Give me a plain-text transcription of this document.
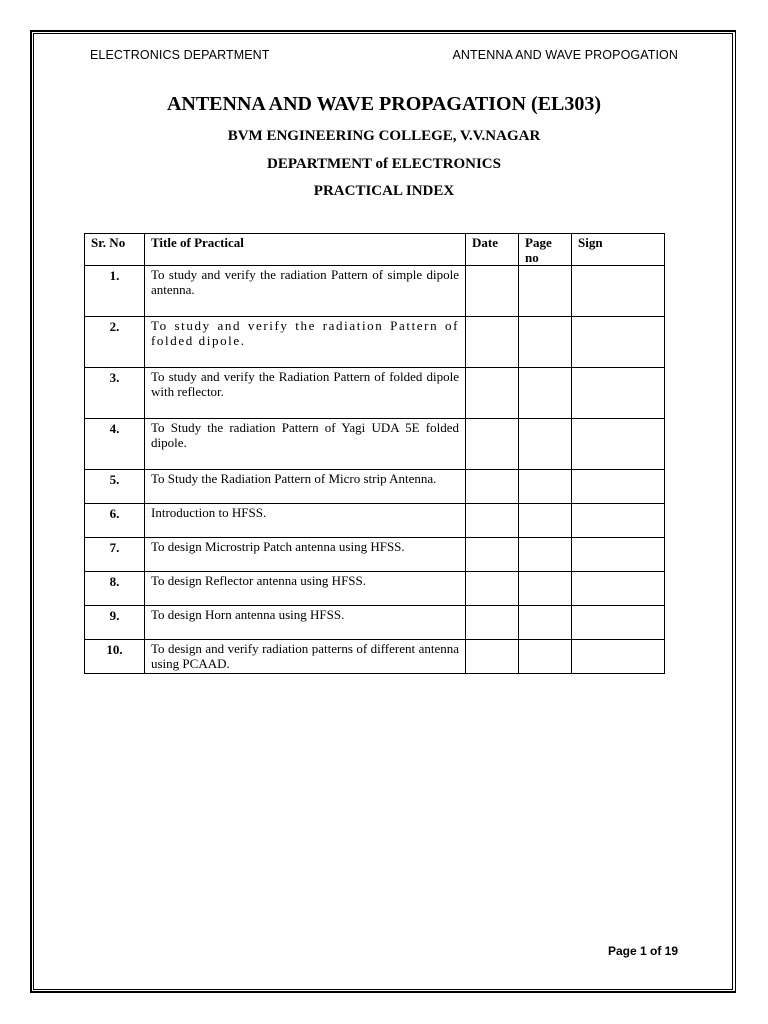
ELECTRONICS DEPARTMENT	ANTENNA AND WAVE PROPOGATION
ANTENNA AND WAVE PROPAGATION (EL303)
BVM ENGINEERING COLLEGE, V.V.NAGAR
DEPARTMENT of ELECTRONICS
PRACTICAL INDEX
Sr. No	Title of Practical	Date	Page no	Sign
1.	To study and verify the radiation Pattern of simple dipole antenna.			
2.	To study and verify the radiation Pattern of folded dipole.			
3.	To study and verify the Radiation Pattern of folded dipole with reflector.			
4.	To Study the radiation Pattern of Yagi UDA 5E folded dipole.			
5.	To Study the Radiation Pattern of Micro strip Antenna.			
6.	Introduction to HFSS.			
7.	To design Microstrip Patch antenna using HFSS.			
8.	To design Reflector antenna using HFSS.			
9.	To design Horn antenna using HFSS.			
10.	To design and verify radiation patterns of different antenna using PCAAD.			
Page 1 of 19
